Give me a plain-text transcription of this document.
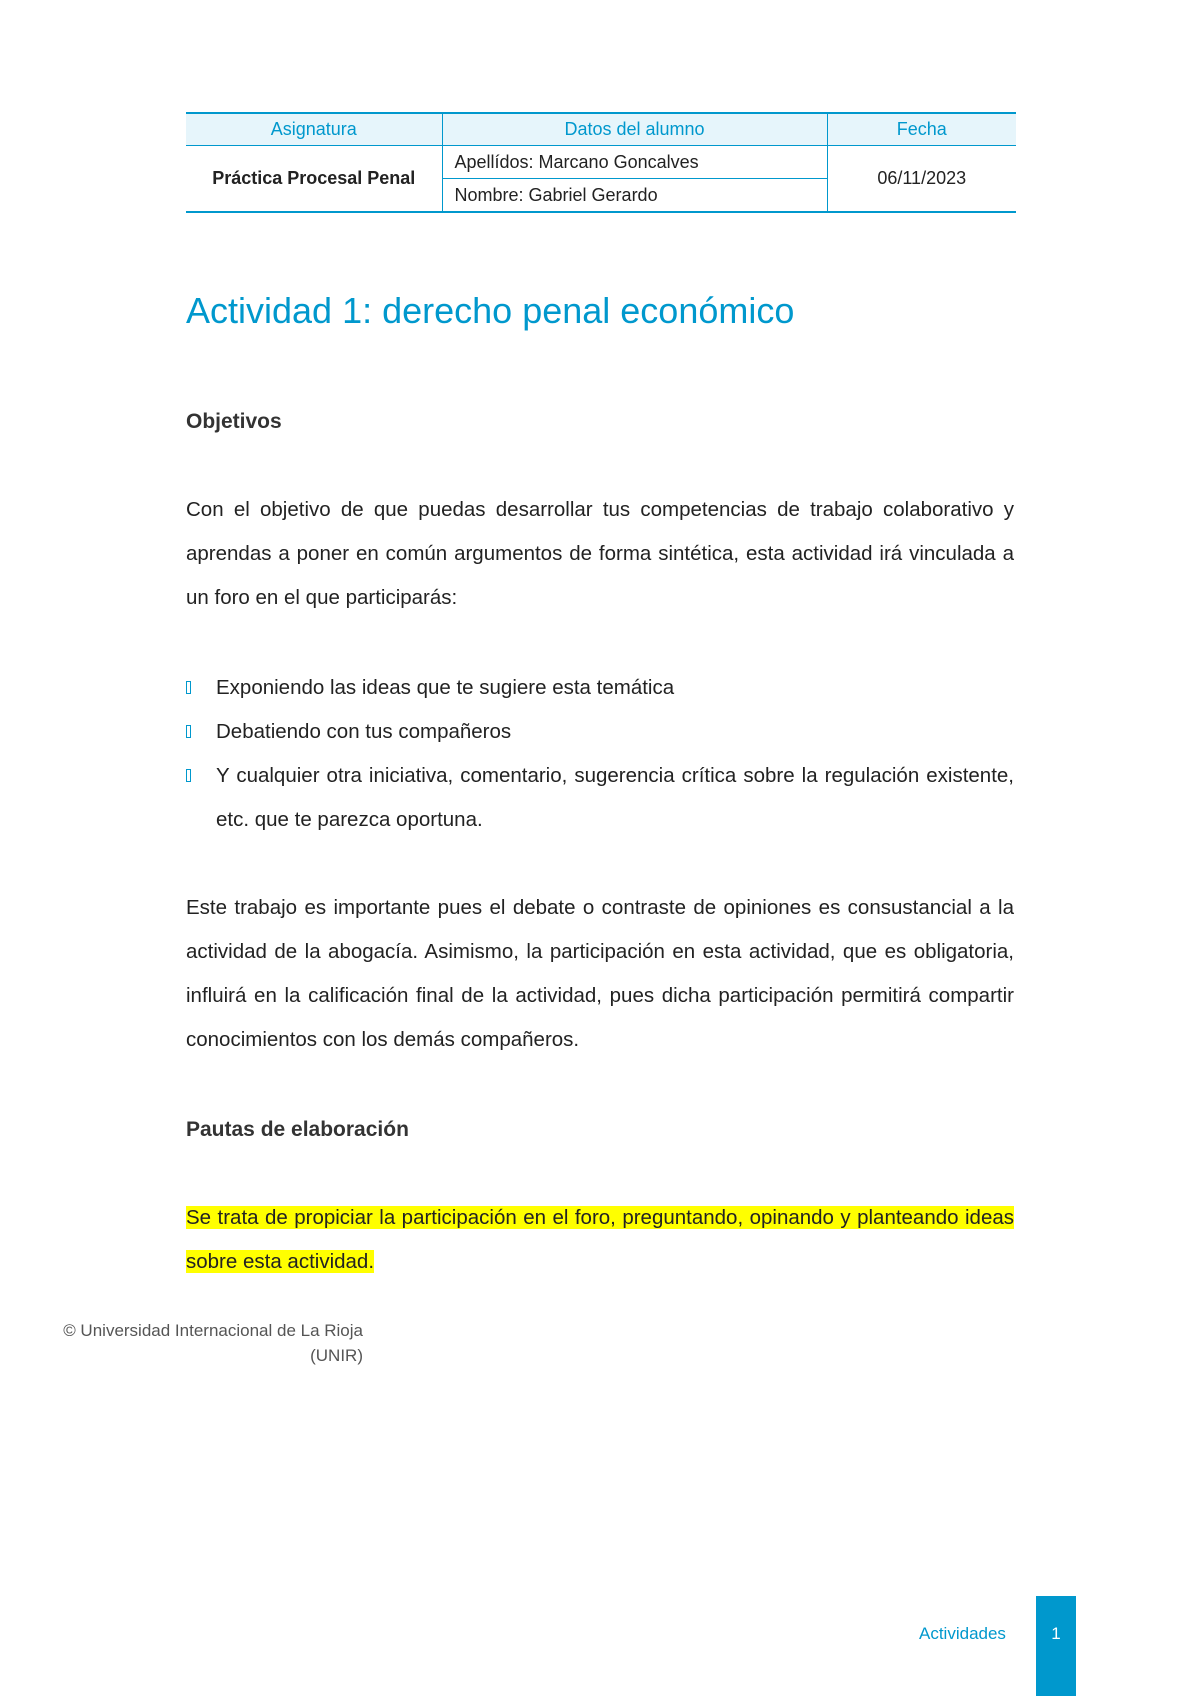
Asignatura	Datos del alumno	Fecha
Práctica Procesal Penal	Apellídos: Marcano Goncalves	06/11/2023
	Nombre: Gabriel Gerardo	
Actividad 1: derecho penal económico
Objetivos

Con el objetivo de que puedas desarrollar tus competencias de trabajo colaborativo y aprendas a poner en común argumentos de forma sintética, esta actividad irá vinculada a un foro en el que participarás:

Exponiendo las ideas que te sugiere esta temática
Debatiendo con tus compañeros
Y cualquier otra iniciativa, comentario, sugerencia crítica sobre la regulación existente, etc. que te parezca oportuna.

Este trabajo es importante pues el debate o contraste de opiniones es consustancial a la actividad de la abogacía. Asimismo, la participación en esta actividad, que es obligatoria, influirá en la calificación final de la actividad, pues dicha participación permitirá compartir conocimientos con los demás compañeros.

Pautas de elaboración

Se trata de propiciar la participación en el foro, preguntando, opinando y planteando ideas sobre esta actividad.

© Universidad Internacional de La Rioja
(UNIR)

Actividades	1
